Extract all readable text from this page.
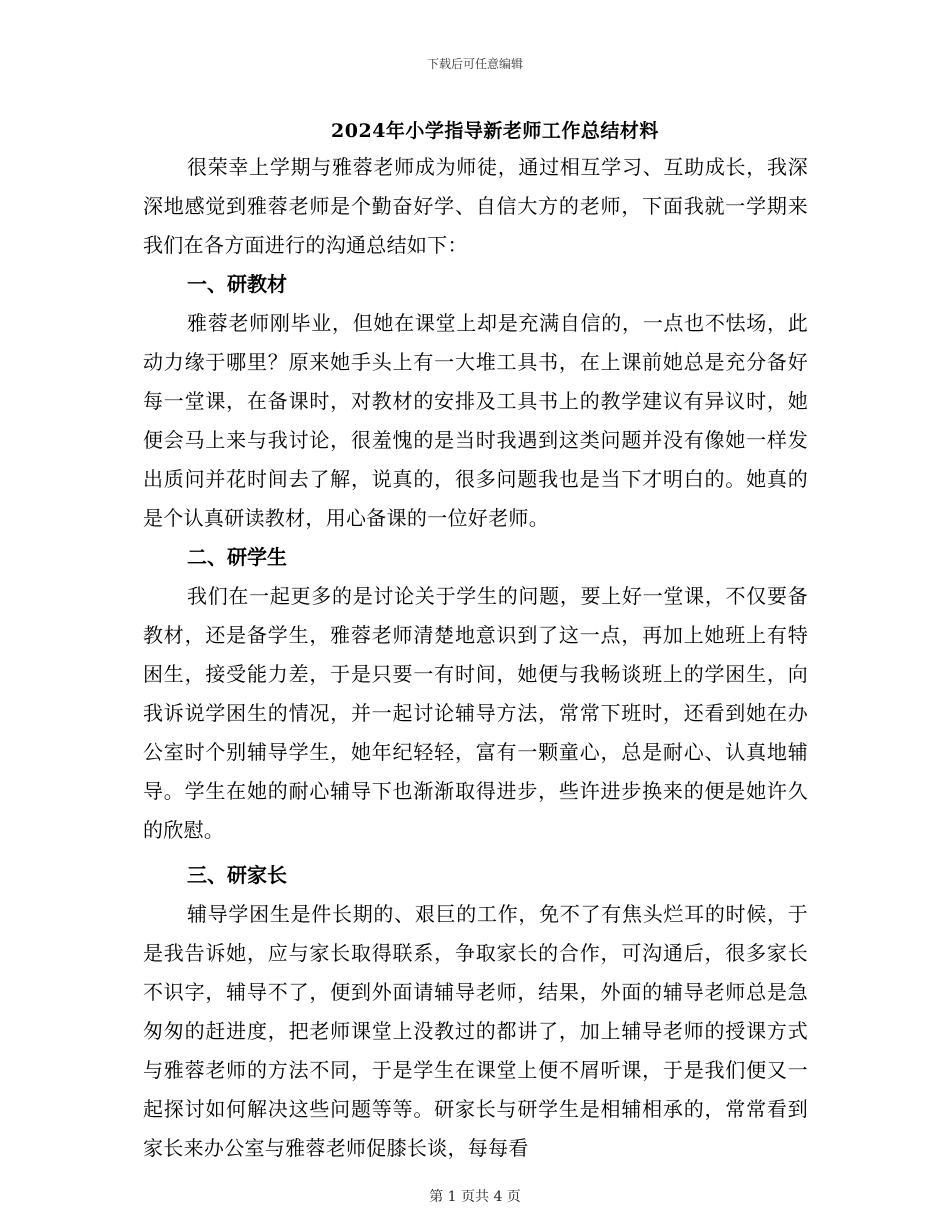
下载后可任意编辑
2024年小学指导新老师工作总结材料

很荣幸上学期与雅蓉老师成为师徒，通过相互学习、互助成长，我深深地感觉到雅蓉老师是个勤奋好学、自信大方的老师，下面我就一学期来我们在各方面进行的沟通总结如下：

一、研教材

雅蓉老师刚毕业，但她在课堂上却是充满自信的，一点也不怯场，此动力缘于哪里？原来她手头上有一大堆工具书，在上课前她总是充分备好每一堂课，在备课时，对教材的安排及工具书上的教学建议有异议时，她便会马上来与我讨论，很羞愧的是当时我遇到这类问题并没有像她一样发出质问并花时间去了解，说真的，很多问题我也是当下才明白的。她真的是个认真研读教材，用心备课的一位好老师。

二、研学生

我们在一起更多的是讨论关于学生的问题，要上好一堂课，不仅要备教材，还是备学生，雅蓉老师清楚地意识到了这一点，再加上她班上有特困生，接受能力差，于是只要一有时间，她便与我畅谈班上的学困生，向我诉说学困生的情况，并一起讨论辅导方法，常常下班时，还看到她在办公室时个别辅导学生，她年纪轻轻，富有一颗童心，总是耐心、认真地辅导。学生在她的耐心辅导下也渐渐取得进步，些许进步换来的便是她许久的欣慰。

三、研家长

辅导学困生是件长期的、艰巨的工作，免不了有焦头烂耳的时候，于是我告诉她，应与家长取得联系，争取家长的合作，可沟通后，很多家长不识字，辅导不了，便到外面请辅导老师，结果，外面的辅导老师总是急匆匆的赶进度，把老师课堂上没教过的都讲了，加上辅导老师的授课方式与雅蓉老师的方法不同，于是学生在课堂上便不屑听课，于是我们便又一起探讨如何解决这些问题等等。研家长与研学生是相辅相承的，常常看到家长来办公室与雅蓉老师促膝长谈，每每看

第 1 页共 4 页
